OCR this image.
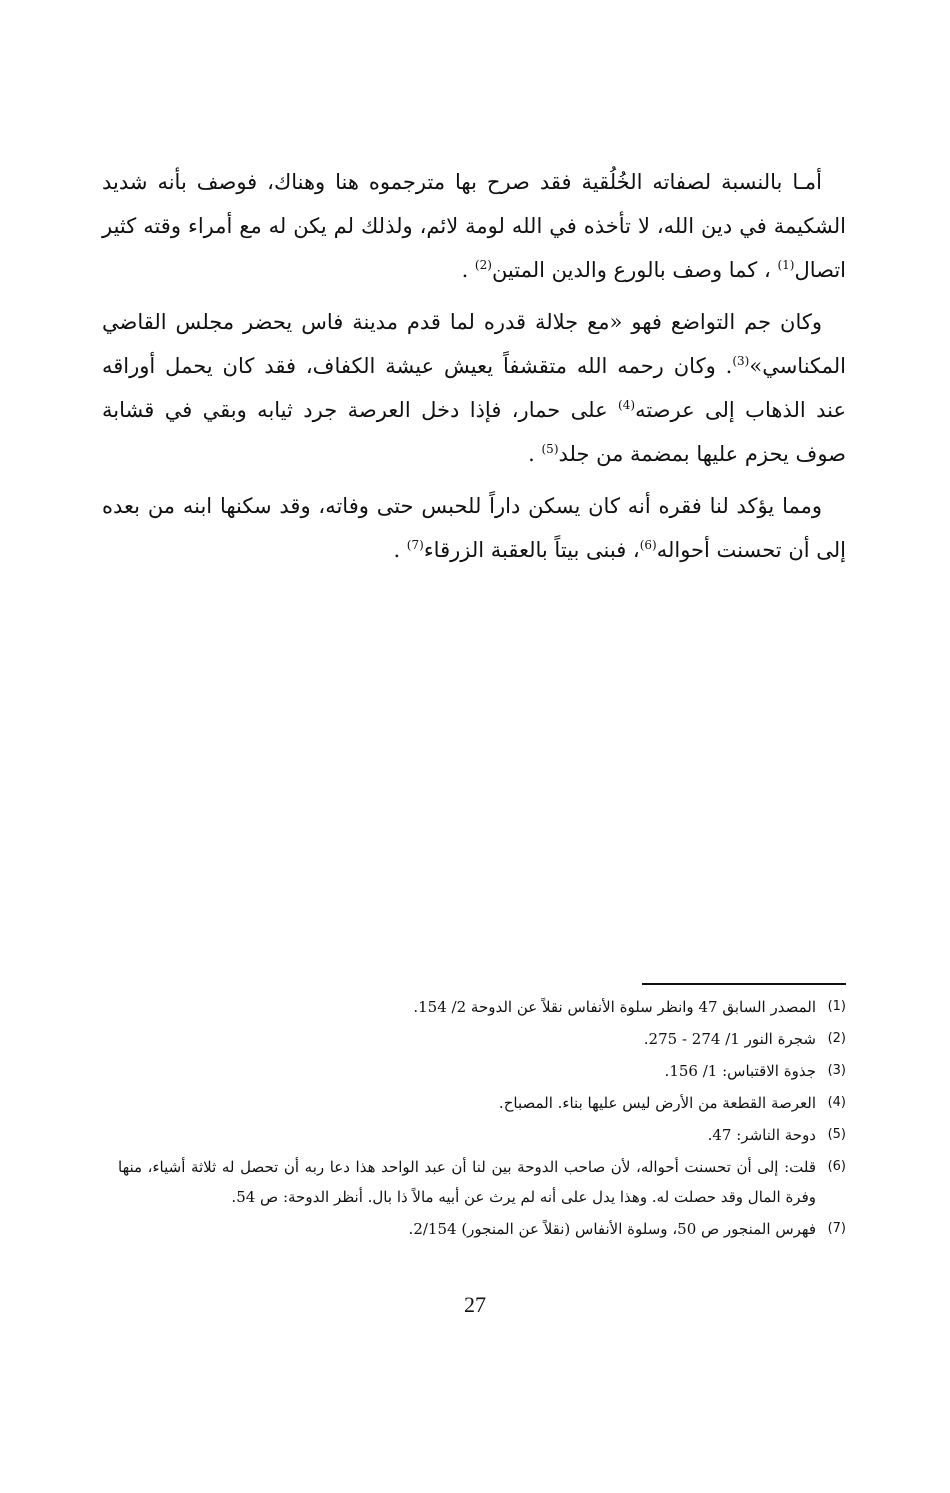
أمـا بالنسبة لصفاته الخُلُقية فقد صرح بها مترجموه هنا وهناك، فوصف بأنه شديد الشكيمة في دين الله، لا تأخذه في الله لومة لائم، ولذلك لم يكن له مع أمراء وقته كثير اتصال$^{(1)}$ ، كما وصف بالورع والدين المتين$^{(2)}$ .

وكان جم التواضع فهو «مع جلالة قدره لما قدم مدينة فاس يحضر مجلس القاضي المكناسي»$^{(3)}$. وكان رحمه الله متقشفاً يعيش عيشة الكفاف، فقد كان يحمل أوراقه عند الذهاب إلى عرصته$^{(4)}$ على حمار، فإذا دخل العرصة جرد ثيابه وبقي في قشابة صوف يحزم عليها بمضمة من جلد$^{(5)}$ .

ومما يؤكد لنا فقره أنه كان يسكن داراً للحبس حتى وفاته، وقد سكنها ابنه من بعده إلى أن تحسنت أحواله$^{(6)}$، فبنى بيتاً بالعقبة الزرقاء$^{(7)}$ .

(1)
المصدر السابق 47 وانظر سلوة الأنفاس نقلاً عن الدوحة 2/ 154.
(2)
شجرة النور 1/ 274 - 275.
(3)
جذوة الاقتباس: 1/ 156.
(4)
العرصة القطعة من الأرض ليس عليها بناء. المصباح.
(5)
دوحة الناشر: 47.
(6)
قلت: إلى أن تحسنت أحواله، لأن صاحب الدوحة بين لنا أن عبد الواحد هذا دعا ربه أن تحصل له ثلاثة أشياء، منها وفرة المال وقد حصلت له. وهذا يدل على أنه لم يرث عن أبيه مالاً ذا بال. أنظر الدوحة: ص 54.
(7)
فهرس المنجور ص 50، وسلوة الأنفاس (نقلاً عن المنجور) 2/154.
27
